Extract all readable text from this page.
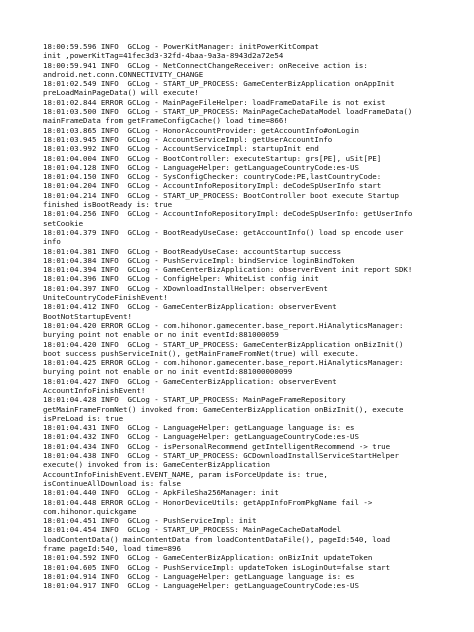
18:00:59.596 INFO  GCLog - PowerKitManager: initPowerKitCompat
init ,powerKitTag=41fec3d3-32fd-4baa-9a3a-8943d2a72e54
18:00:59.941 INFO  GCLog - NetConnectChangeReceiver: onReceive action is:
android.net.conn.CONNECTIVITY_CHANGE
18:01:02.549 INFO  GCLog - START_UP_PROCESS: GameCenterBizApplication onAppInit
preLoadMainPageData() will execute!
18:01:02.844 ERROR GCLog - MainPageFileHelper: loadFrameDataFile is not exist
18:01:03.500 INFO  GCLog - START_UP_PROCESS: MainPageCacheDataModel loadFrameData()
mainFrameData from getFrameConfigCache() load time=866!
18:01:03.865 INFO  GCLog - HonorAccountProvider: getAccountInfo#onLogin
18:01:03.945 INFO  GCLog - AccountServiceImpl: getUserAccountInfo
18:01:03.992 INFO  GCLog - AccountServiceImpl: startupInit end
18:01:04.004 INFO  GCLog - BootController: executeStartup: grs[PE], uSit[PE]
18:01:04.128 INFO  GCLog - LanguageHelper: getLanguageCountryCode:es-US
18:01:04.150 INFO  GCLog - SysConfigChecker: countryCode:PE,lastCountryCode:
18:01:04.204 INFO  GCLog - AccountInfoRepositoryImpl: deCodeSpUserInfo start
18:01:04.214 INFO  GCLog - START_UP_PROCESS: BootController boot execute Startup
finished isBootReady is: true
18:01:04.256 INFO  GCLog - AccountInfoRepositoryImpl: deCodeSpUserInfo: getUserInfo
setCookie
18:01:04.379 INFO  GCLog - BootReadyUseCase: getAccountInfo() load sp encode user
info
18:01:04.381 INFO  GCLog - BootReadyUseCase: accountStartup success
18:01:04.384 INFO  GCLog - PushServiceImpl: bindService loginBindToken
18:01:04.394 INFO  GCLog - GameCenterBizApplication: observerEvent init report SDK!
18:01:04.396 INFO  GCLog - ConfigHelper: WhiteList config init
18:01:04.397 INFO  GCLog - XDownloadInstallHelper: observerEvent
UniteCountryCodeFinishEvent!
18:01:04.412 INFO  GCLog - GameCenterBizApplication: observerEvent
BootNotStartupEvent!
18:01:04.420 ERROR GCLog - com.hihonor.gamecenter.base_report.HiAnalyticsManager:
burying point not enable or no init eventId:881000059
18:01:04.420 INFO  GCLog - START_UP_PROCESS: GameCenterBizApplication onBizInit()
boot success pushServiceInit(), getMainFrameFromNet(true) will execute.
18:01:04.425 ERROR GCLog - com.hihonor.gamecenter.base_report.HiAnalyticsManager:
burying point not enable or no init eventId:881000000099
18:01:04.427 INFO  GCLog - GameCenterBizApplication: observerEvent
AccountInfoFinishEvent!
18:01:04.428 INFO  GCLog - START_UP_PROCESS: MainPageFrameRepository
getMainFrameFromNet() invoked from: GameCenterBizApplication onBizInit(), execute
isPreLoad is: true
18:01:04.431 INFO  GCLog - LanguageHelper: getLanguage language is: es
18:01:04.432 INFO  GCLog - LanguageHelper: getLanguageCountryCode:es-US
18:01:04.434 INFO  GCLog - isPersonalRecommend getIntelligentRecommend -> true
18:01:04.438 INFO  GCLog - START_UP_PROCESS: GCDownloadInstallServiceStartHelper
execute() invoked from is: GameCenterBizApplication
AccountInfoFinishEvent.EVENT_NAME, param isForceUpdate is: true,
isContinueAllDownload is: false
18:01:04.440 INFO  GCLog - ApkFileSha256Manager: init
18:01:04.448 ERROR GCLog - HonorDeviceUtils: getAppInfoFromPkgName fail ->
com.hihonor.quickgame
18:01:04.451 INFO  GCLog - PushServiceImpl: init
18:01:04.454 INFO  GCLog - START_UP_PROCESS: MainPageCacheDataModel
loadContentData() mainContentData from loadContentDataFile(), pageId:540, load
frame pageId:540, load time=896
18:01:04.592 INFO  GCLog - GameCenterBizApplication: onBizInit updateToken
18:01:04.605 INFO  GCLog - PushServiceImpl: updateToken isLoginOut=false start
18:01:04.914 INFO  GCLog - LanguageHelper: getLanguage language is: es
18:01:04.917 INFO  GCLog - LanguageHelper: getLanguageCountryCode:es-US
